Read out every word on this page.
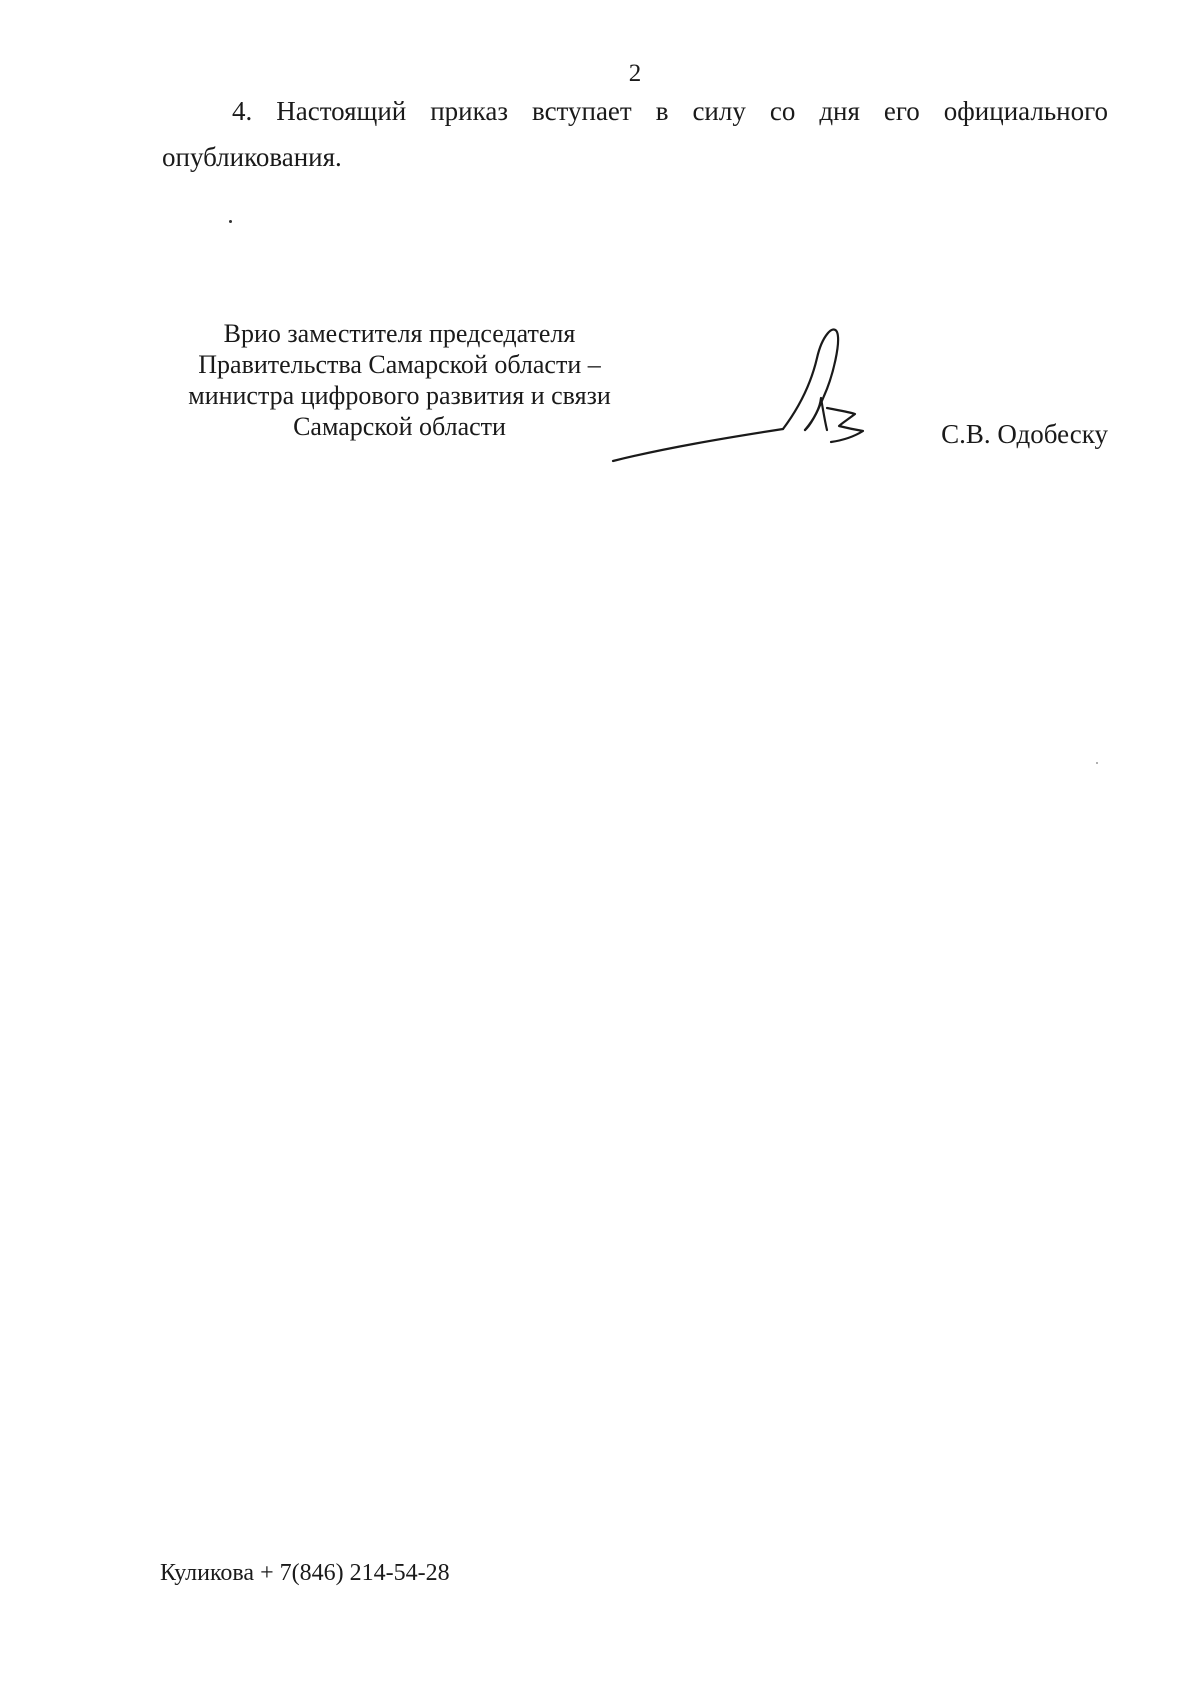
2

4. Настоящий приказ вступает в силу со дня его официального опубликования.

Врио заместителя председателя
Правительства Самарской области –
министра цифрового развития и связи
Самарской области	С.В. Одобеску
Куликова + 7(846) 214-54-28
